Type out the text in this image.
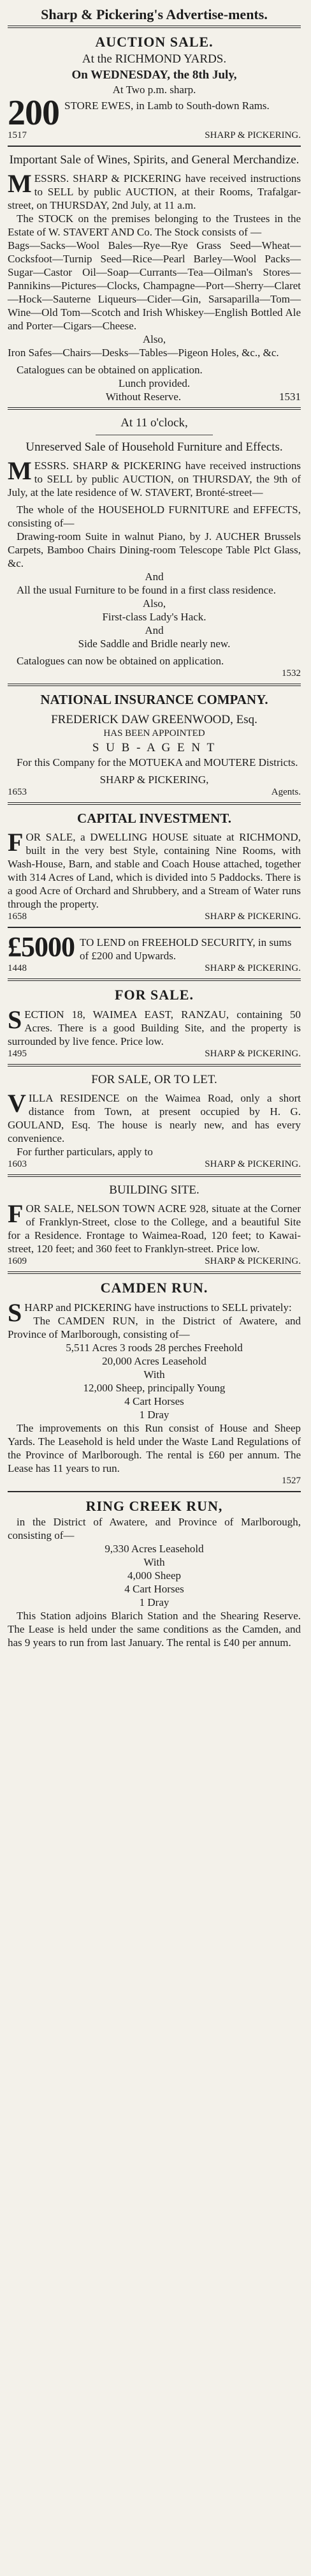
Sharp & Pickering's Advertise-ments.
AUCTION SALE.
At the RICHMOND YARDS.
On WEDNESDAY, the 8th July,
At Two p.m. sharp.
200 STORE EWES, in Lamb to South-down Rams.
1517	SHARP & PICKERING.
Important Sale of Wines, Spirits, and General Merchandize.

MESSRS. SHARP & PICKERING have received instructions to SELL by public AUCTION, at their Rooms, Trafalgar-street, on THURSDAY, 2nd July, at 11 a.m.

The STOCK on the premises belonging to the Trustees in the Estate of W. STAVERT AND Co. The Stock consists of —

Bags—Sacks—Wool Bales—Rye—Rye Grass Seed—Wheat—Cocksfoot—Turnip Seed—Rice—Pearl Barley—Wool Packs—Sugar—Castor Oil—Soap—Currants—Tea—Oilman's Stores—Pannikins—Pictures—Clocks, Champagne—Port—Sherry—Claret—Hock—Sauterne Liqueurs—Cider—Gin, Sarsaparilla—Tom—Wine—Old Tom—Scotch and Irish Whiskey—English Bottled Ale and Porter—Cigars—Cheese.

Also,

Iron Safes—Chairs—Desks—Tables—Pigeon Holes, &c., &c.

Catalogues can be obtained on application.

Lunch provided.
Without Reserve.	1531
At 11 o'clock,
Unreserved Sale of Household Furniture and Effects.

MESSRS. SHARP & PICKERING have received instructions to SELL by public AUCTION, on THURSDAY, the 9th of July, at the late residence of W. STAVERT, Bronté-street—

The whole of the HOUSEHOLD FURNITURE and EFFECTS, consisting of—

Drawing-room Suite in walnut Piano, by J. AUCHER Brussels Carpets, Bamboo Chairs Dining-room Telescope Table Plct Glass, &c.

And

All the usual Furniture to be found in a first class residence.

Also,
First-class Lady's Hack.
And
Side Saddle and Bridle nearly new.

Catalogues can now be obtained on application.

1532
NATIONAL INSURANCE COMPANY.
FREDERICK DAW GREENWOOD, Esq.
HAS BEEN APPOINTED
S U B - A G E N T

For this Company for the MOTUEKA and MOUTERE Districts.

SHARP & PICKERING,
1653	Agents.
CAPITAL INVESTMENT.

FOR SALE, a DWELLING HOUSE situate at RICHMOND, built in the very best Style, containing Nine Rooms, with Wash-House, Barn, and stable and Coach House attached, together with 314 Acres of Land, which is divided into 5 Paddocks. There is a good Acre of Orchard and Shrubbery, and a Stream of Water runs through the property.

1658	SHARP & PICKERING.
£5000 TO LEND on FREEHOLD SECURITY, in sums of £200 and Upwards.
1448	SHARP & PICKERING.
FOR SALE.

SECTION 18, WAIMEA EAST, RANZAU, containing 50 Acres. There is a good Building Site, and the property is surrounded by live fence. Price low.

1495	SHARP & PICKERING.
FOR SALE, OR TO LET.

VILLA RESIDENCE on the Waimea Road, only a short distance from Town, at present occupied by H. G. GOULAND, Esq. The house is nearly new, and has every convenience.

For further particulars, apply to

1603	SHARP & PICKERING.
BUILDING SITE.

FOR SALE, NELSON TOWN ACRE 928, situate at the Corner of Franklyn-Street, close to the College, and a beautiful Site for a Residence. Frontage to Waimea-Road, 120 feet; to Kawai-street, 120 feet; and 360 feet to Franklyn-street. Price low.

1609	SHARP & PICKERING.
CAMDEN RUN.

SHARP and PICKERING have instructions to SELL privately:

The CAMDEN RUN, in the District of Awatere, and Province of Marlborough, consisting of—

5,511 Acres 3 roods 28 perches Freehold
20,000 Acres Leasehold
With
12,000 Sheep, principally Young
4 Cart Horses
1 Dray

The improvements on this Run consist of House and Sheep Yards. The Leasehold is held under the Waste Land Regulations of the Province of Marlborough. The rental is £60 per annum. The Lease has 11 years to run.

1527
RING CREEK RUN,

in the District of Awatere, and Province of Marlborough, consisting of—

9,330 Acres Leasehold
With
4,000 Sheep
4 Cart Horses
1 Dray

This Station adjoins Blarich Station and the Shearing Reserve. The Lease is held under the same conditions as the Camden, and has 9 years to run from last January. The rental is £40 per annum.
